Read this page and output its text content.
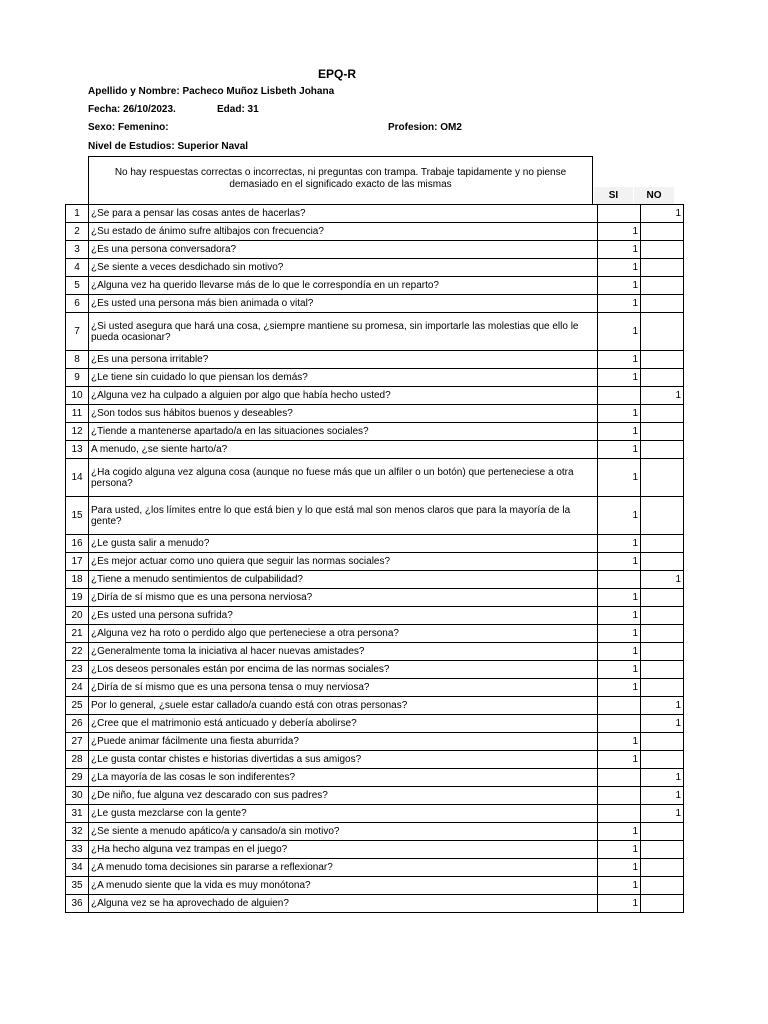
EPQ-R
Apellido y Nombre: Pacheco Muñoz Lisbeth Johana
Fecha: 26/10/2023.	Edad: 31
Sexo: Femenino:	Profesion: OM2
Nivel de Estudios: Superior Naval
No hay respuestas correctas o incorrectas, ni preguntas con trampa. Trabaje tapidamente y no piense demasiado en el significado exacto de las mismas
SI	NO
1	¿Se para a pensar las cosas antes de hacerlas?		1
2	¿Su estado de ánimo sufre altibajos con frecuencia?	1	
3	¿Es una persona conversadora?	1	
4	¿Se siente a veces desdichado sin motivo?	1	
5	¿Alguna vez ha querido llevarse más de lo que le correspondía en un reparto?	1	
6	¿Es usted una persona más bien animada o vital?	1	
7	¿Si usted asegura que hará una cosa, ¿siempre mantiene su promesa, sin importarle las molestias que ello le pueda ocasionar?	1	
8	¿Es una persona irritable?	1	
9	¿Le tiene sin cuidado lo que piensan los demás?	1	
10	¿Alguna vez ha culpado a alguien por algo que había hecho usted?		1
11	¿Son todos sus hábitos buenos y deseables?	1	
12	¿Tiende a mantenerse apartado/a en las situaciones sociales?	1	
13	A menudo, ¿se siente harto/a?	1	
14	¿Ha cogido alguna vez alguna cosa (aunque no fuese más que un alfiler o un botón) que perteneciese a otra persona?	1	
15	Para usted, ¿los límites entre lo que está bien y lo que está mal son menos claros que para la mayoría de la gente?	1	
16	¿Le gusta salir a menudo?	1	
17	¿Es mejor actuar como uno quiera que seguir las normas sociales?	1	
18	¿Tiene a menudo sentimientos de culpabilidad?		1
19	¿Diría de sí mismo que es una persona nerviosa?	1	
20	¿Es usted una persona sufrida?	1	
21	¿Alguna vez ha roto o perdido algo que perteneciese a otra persona?	1	
22	¿Generalmente toma la iniciativa al hacer nuevas amistades?	1	
23	¿Los deseos personales están por encima de las normas sociales?	1	
24	¿Diría de sí mismo que es una persona tensa o muy nerviosa?	1	
25	Por lo general, ¿suele estar callado/a cuando está con otras personas?		1
26	¿Cree que el matrimonio está anticuado y debería abolirse?		1
27	¿Puede animar fácilmente una fiesta aburrida?	1	
28	¿Le gusta contar chistes e historias divertidas a sus amigos?	1	
29	¿La mayoría de las cosas le son indiferentes?		1
30	¿De niño, fue alguna vez descarado con sus padres?		1
31	¿Le gusta mezclarse con la gente?		1
32	¿Se siente a menudo apático/a y cansado/a sin motivo?	1	
33	¿Ha hecho alguna vez trampas en el juego?	1	
34	¿A menudo toma decisiones sin pararse a reflexionar?	1	
35	¿A menudo siente que la vida es muy monótona?	1	
36	¿Alguna vez se ha aprovechado de alguien?	1	
